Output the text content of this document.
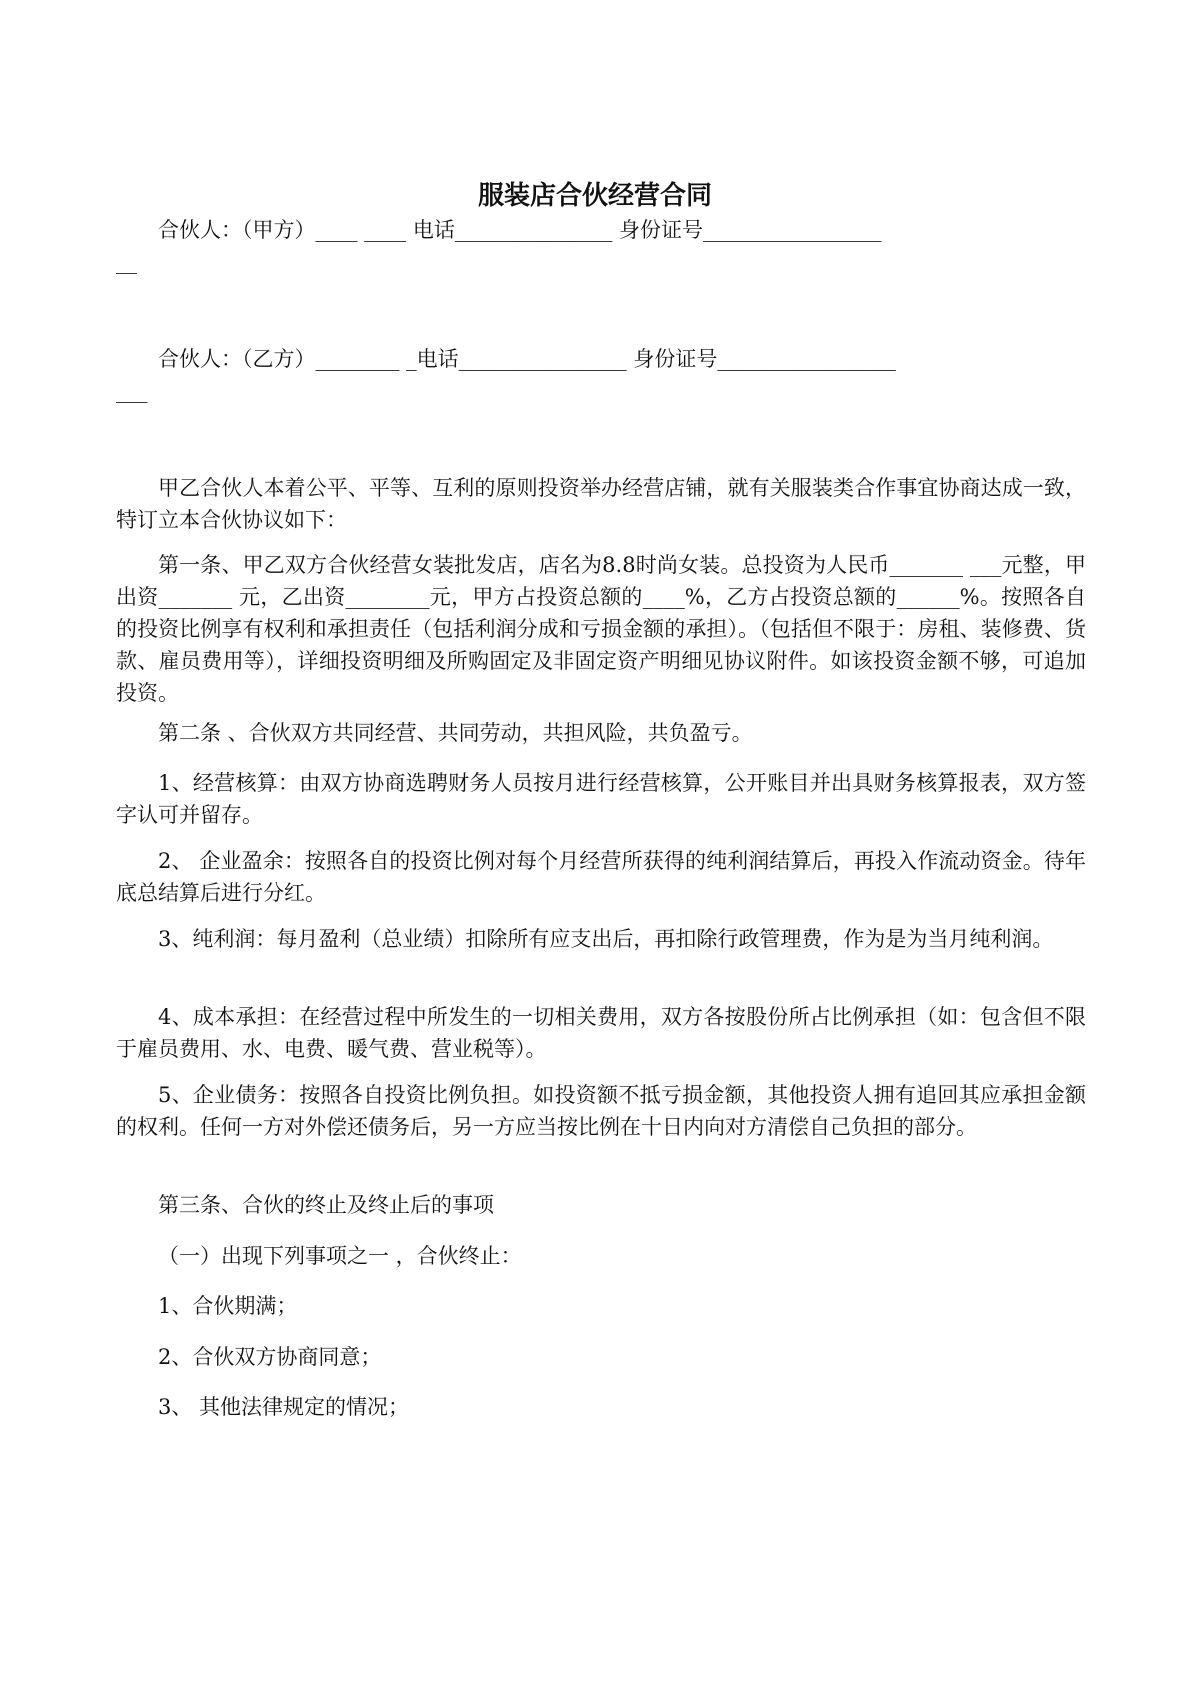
服装店合伙经营合同
合伙人：（甲方）____ ____ 电话_______________ 身份证号_________________
__
合伙人：（乙方）________ _电话________________ 身份证号_________________
___
甲乙合伙人本着公平、平等、互利的原则投资举办经营店铺，就有关服装类合作事宜协商达成一致，特订立本合伙协议如下：
第一条、甲乙双方合伙经营女装批发店，店名为8.8时尚女装。总投资为人民币_______ ___元整，甲出资_______ 元，乙出资________元，甲方占投资总额的____%，乙方占投资总额的______%。按照各自的投资比例享有权利和承担责任（包括利润分成和亏损金额的承担）。（包括但不限于：房租、装修费、货款、雇员费用等），详细投资明细及所购固定及非固定资产明细见协议附件。如该投资金额不够，可追加投资。
第二条 、合伙双方共同经营、共同劳动，共担风险，共负盈亏。
1、经营核算：由双方协商选聘财务人员按月进行经营核算，公开账目并出具财务核算报表，双方签字认可并留存。
2、 企业盈余：按照各自的投资比例对每个月经营所获得的纯利润结算后，再投入作流动资金。待年底总结算后进行分红。
3、纯利润：每月盈利（总业绩）扣除所有应支出后，再扣除行政管理费，作为是为当月纯利润。
4、成本承担：在经营过程中所发生的一切相关费用，双方各按股份所占比例承担（如：包含但不限于雇员费用、水、电费、暖气费、营业税等）。
5、企业债务：按照各自投资比例负担。如投资额不抵亏损金额，其他投资人拥有追回其应承担金额的权利。任何一方对外偿还债务后，另一方应当按比例在十日内向对方清偿自己负担的部分。
第三条、合伙的终止及终止后的事项
（一）出现下列事项之一 ，合伙终止：
1、合伙期满；
2、合伙双方协商同意；
3、 其他法律规定的情况；
